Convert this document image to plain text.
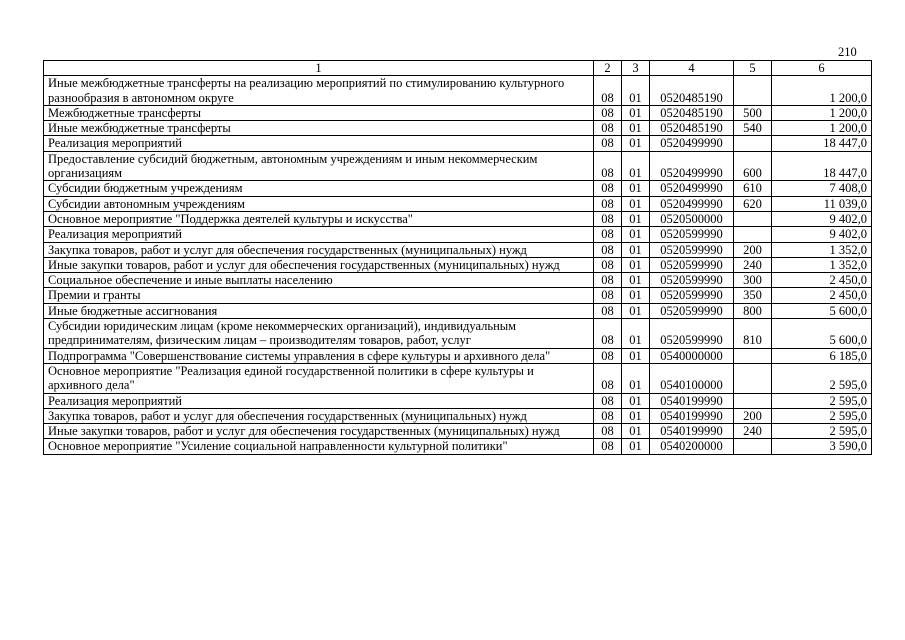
210
1	2	3	4	5	6
Иные межбюджетные трансферты на реализацию мероприятий по стимулированию культурного разнообразия в автономном округе	08	01	0520485190		1 200,0
Межбюджетные трансферты	08	01	0520485190	500	1 200,0
Иные межбюджетные трансферты	08	01	0520485190	540	1 200,0
Реализация мероприятий	08	01	0520499990		18 447,0
Предоставление субсидий бюджетным, автономным учреждениям и иным некоммерческим организациям	08	01	0520499990	600	18 447,0
Субсидии бюджетным учреждениям	08	01	0520499990	610	7 408,0
Субсидии автономным учреждениям	08	01	0520499990	620	11 039,0
Основное мероприятие "Поддержка деятелей культуры и искусства"	08	01	0520500000		9 402,0
Реализация мероприятий	08	01	0520599990		9 402,0
Закупка товаров, работ и услуг для обеспечения государственных (муниципальных) нужд	08	01	0520599990	200	1 352,0
Иные закупки товаров, работ и услуг для обеспечения государственных (муниципальных) нужд	08	01	0520599990	240	1 352,0
Социальное обеспечение и иные выплаты населению	08	01	0520599990	300	2 450,0
Премии и гранты	08	01	0520599990	350	2 450,0
Иные бюджетные ассигнования	08	01	0520599990	800	5 600,0
Субсидии юридическим лицам (кроме некоммерческих организаций), индивидуальным предпринимателям, физическим лицам – производителям товаров, работ, услуг	08	01	0520599990	810	5 600,0
Подпрограмма "Совершенствование системы управления в сфере культуры и архивного дела"	08	01	0540000000		6 185,0
Основное мероприятие "Реализация единой государственной политики в сфере культуры и архивного дела"	08	01	0540100000		2 595,0
Реализация мероприятий	08	01	0540199990		2 595,0
Закупка товаров, работ и услуг для обеспечения государственных (муниципальных) нужд	08	01	0540199990	200	2 595,0
Иные закупки товаров, работ и услуг для обеспечения государственных (муниципальных) нужд	08	01	0540199990	240	2 595,0
Основное мероприятие "Усиление социальной направленности культурной политики"	08	01	0540200000		3 590,0
